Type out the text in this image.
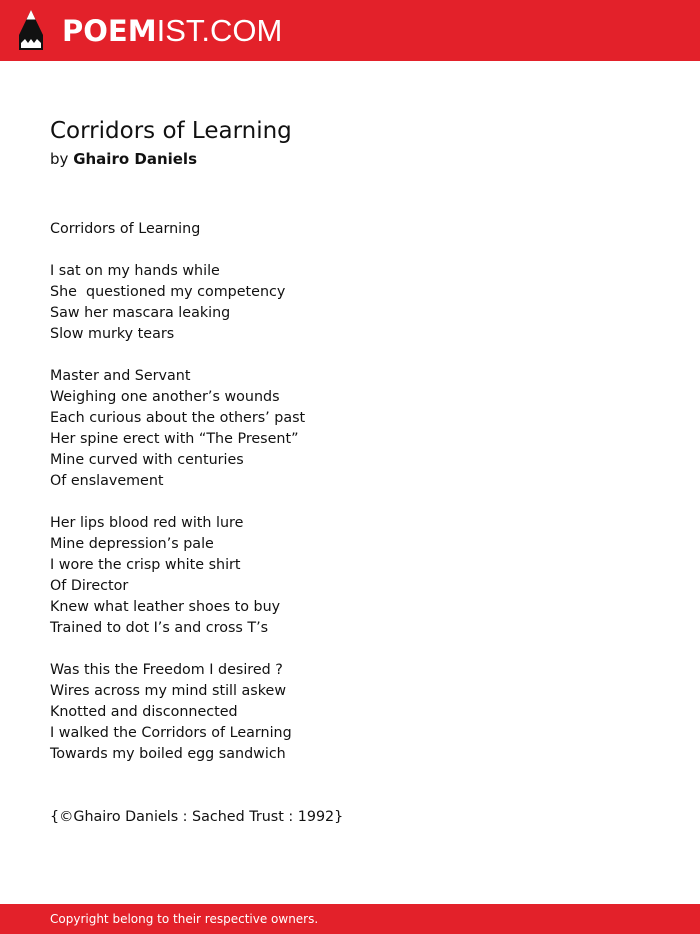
POEMIST.COM
Corridors of Learning
by Ghairo Daniels
Corridors of Learning
I sat on my hands while
She  questioned my competency
Saw her mascara leaking
Slow murky tears
Master and Servant
Weighing one another’s wounds
Each curious about the others’ past
Her spine erect with “The Present”
Mine curved with centuries
Of enslavement
Her lips blood red with lure
Mine depression’s pale
I wore the crisp white shirt
Of Director
Knew what leather shoes to buy
Trained to dot I’s and cross T’s
Was this the Freedom I desired ?
Wires across my mind still askew
Knotted and disconnected
I walked the Corridors of Learning
Towards my boiled egg sandwich
{©Ghairo Daniels : Sached Trust : 1992}
Copyright belong to their respective owners.
